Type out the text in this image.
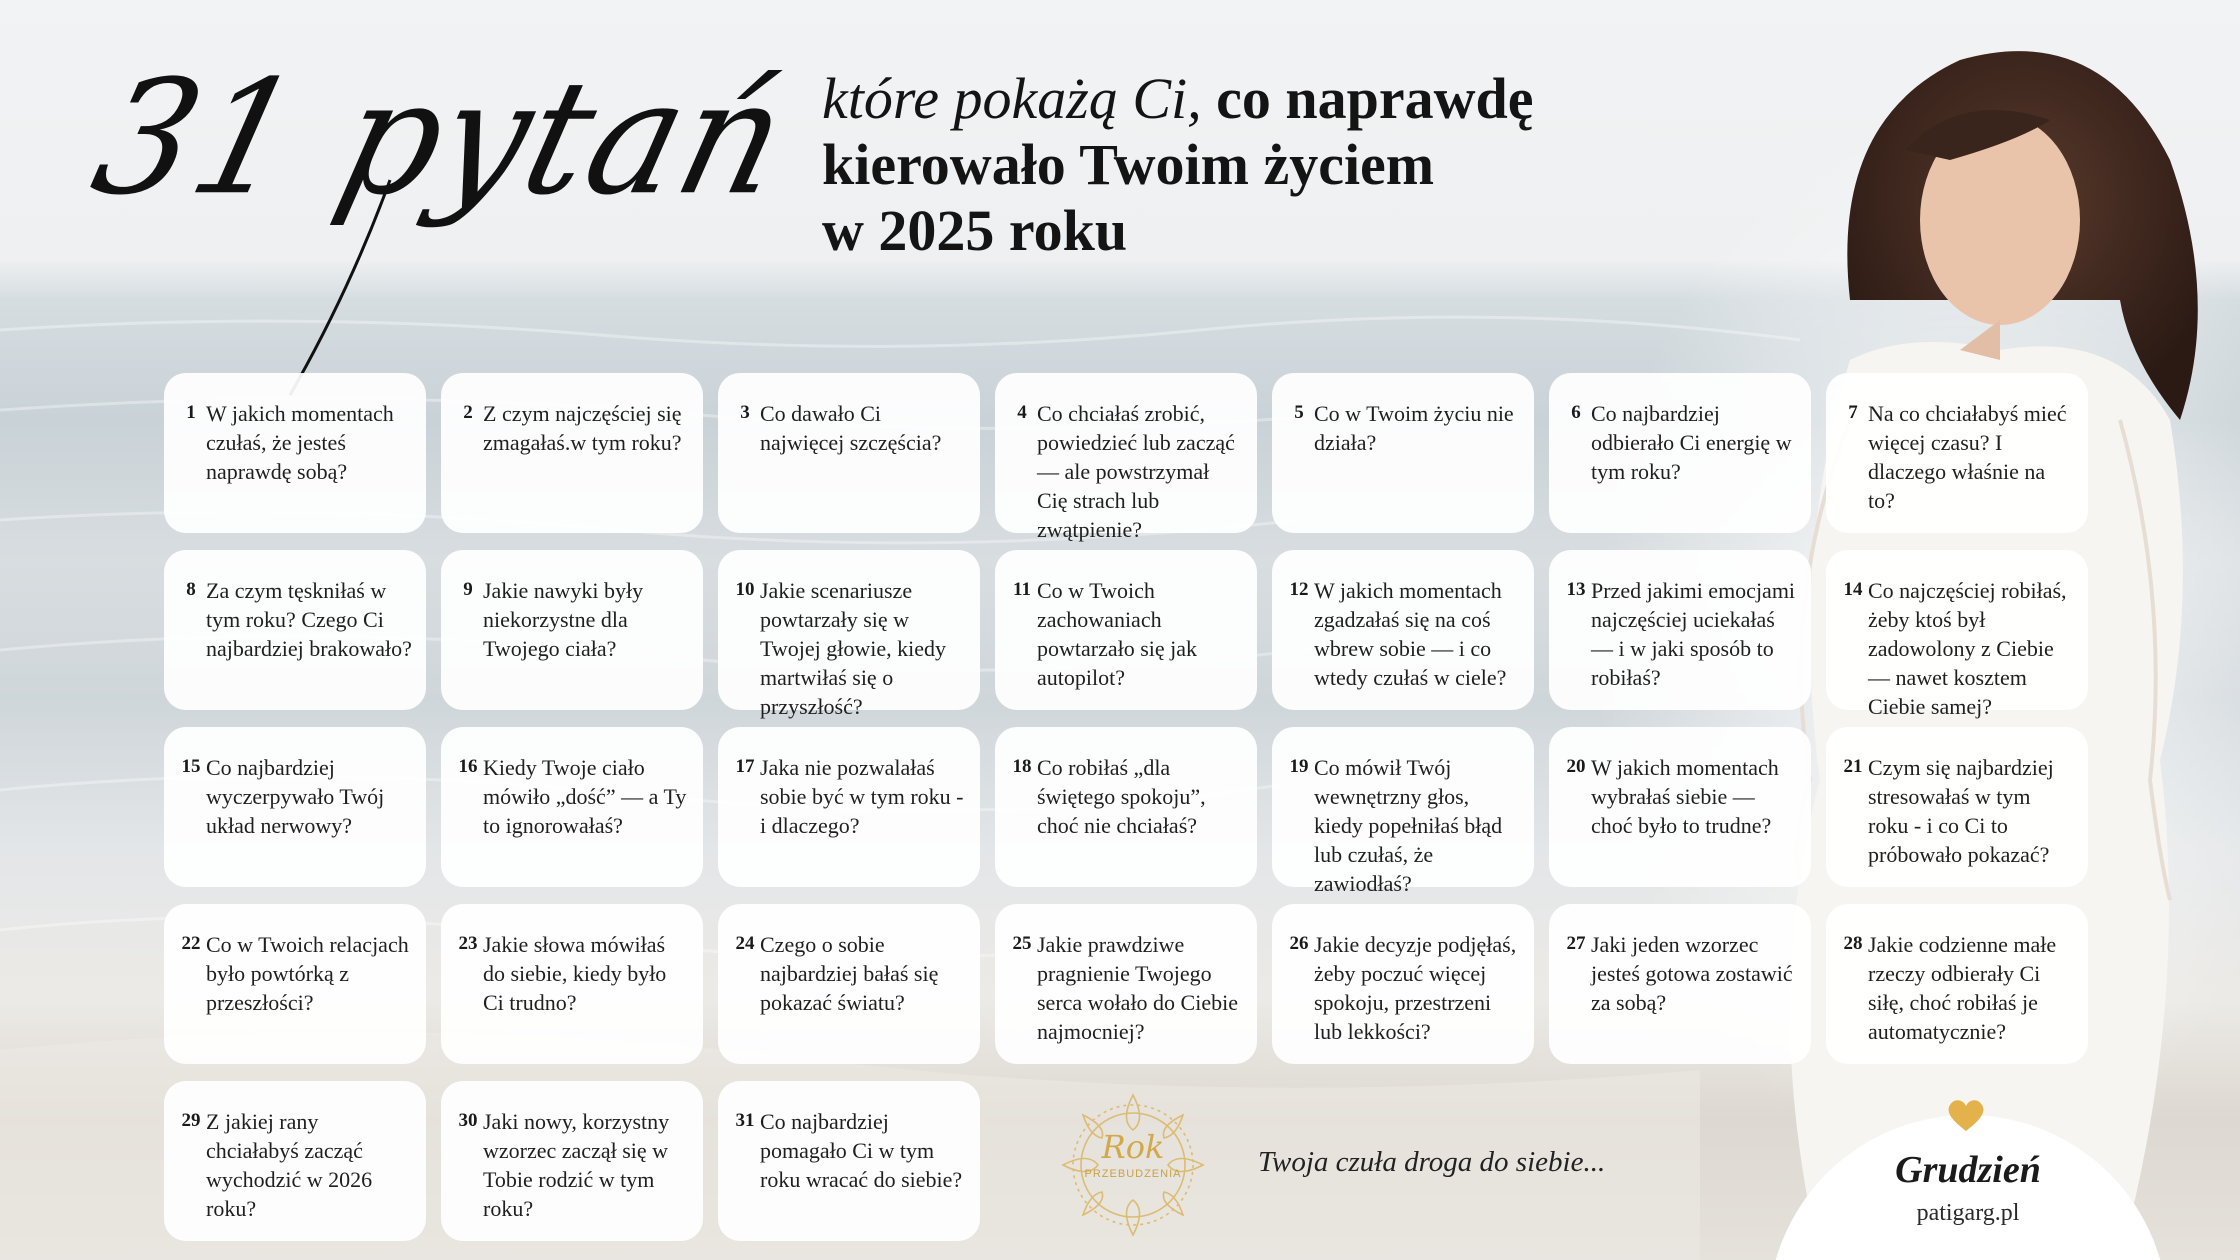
31 pytań które pokażą Ci, co naprawdę
kierowało Twoim życiem
w 2025 roku
1 W jakich momentach czułaś, że jesteś naprawdę sobą?
2 Z czym najczęściej się zmagałaś.w tym roku?
3 Co dawało Ci najwięcej szczęścia?
4 Co chciałaś zrobić, powiedzieć lub zacząć — ale powstrzymał Cię strach lub zwątpienie?
5 Co w Twoim życiu nie działa?
6 Co najbardziej odbierało Ci energię w tym roku?
7 Na co chciałabyś mieć więcej czasu? I dlaczego właśnie na to?
8 Za czym tęskniłaś w tym roku? Czego Ci najbardziej brakowało?
9 Jakie nawyki były niekorzystne dla Twojego ciała?
10 Jakie scenariusze powtarzały się w Twojej głowie, kiedy martwiłaś się o przyszłość?
11 Co w Twoich zachowaniach powtarzało się jak autopilot?
12 W jakich momentach zgadzałaś się na coś wbrew sobie — i co wtedy czułaś w ciele?
13 Przed jakimi emocjami najczęściej uciekałaś — i w jaki sposób to robiłaś?
14 Co najczęściej robiłaś, żeby ktoś był zadowolony z Ciebie — nawet kosztem Ciebie samej?
15 Co najbardziej wyczerpywało Twój układ nerwowy?
16 Kiedy Twoje ciało mówiło „dość” — a Ty to ignorowałaś?
17 Jaka nie pozwalałaś sobie być w tym roku - i dlaczego?
18 Co robiłaś „dla świętego spokoju”, choć nie chciałaś?
19 Co mówił Twój wewnętrzny głos, kiedy popełniłaś błąd lub czułaś, że zawiodłaś?
20 W jakich momentach wybrałaś siebie — choć było to trudne?
21 Czym się najbardziej stresowałaś w tym roku - i co Ci to próbowało pokazać?
22 Co w Twoich relacjach było powtórką z przeszłości?
23 Jakie słowa mówiłaś do siebie, kiedy było Ci trudno?
24 Czego o sobie najbardziej bałaś się pokazać światu?
25 Jakie prawdziwe pragnienie Twojego serca wołało do Ciebie najmocniej?
26 Jakie decyzje podjęłaś, żeby poczuć więcej spokoju, przestrzeni lub lekkości?
27 Jaki jeden wzorzec jesteś gotowa zostawić za sobą?
28 Jakie codzienne małe rzeczy odbierały Ci siłę, choć robiłaś je automatycznie?
29 Z jakiej rany chciałabyś zacząć wychodzić w 2026 roku?
30 Jaki nowy, korzystny wzorzec zaczął się w Tobie rodzić w tym roku?
31 Co najbardziej pomagało Ci w tym roku wracać do siebie?
Rok
PRZEBUDZENIA	Twoja czuła droga do siebie...	Grudzień
patigarg.pl
